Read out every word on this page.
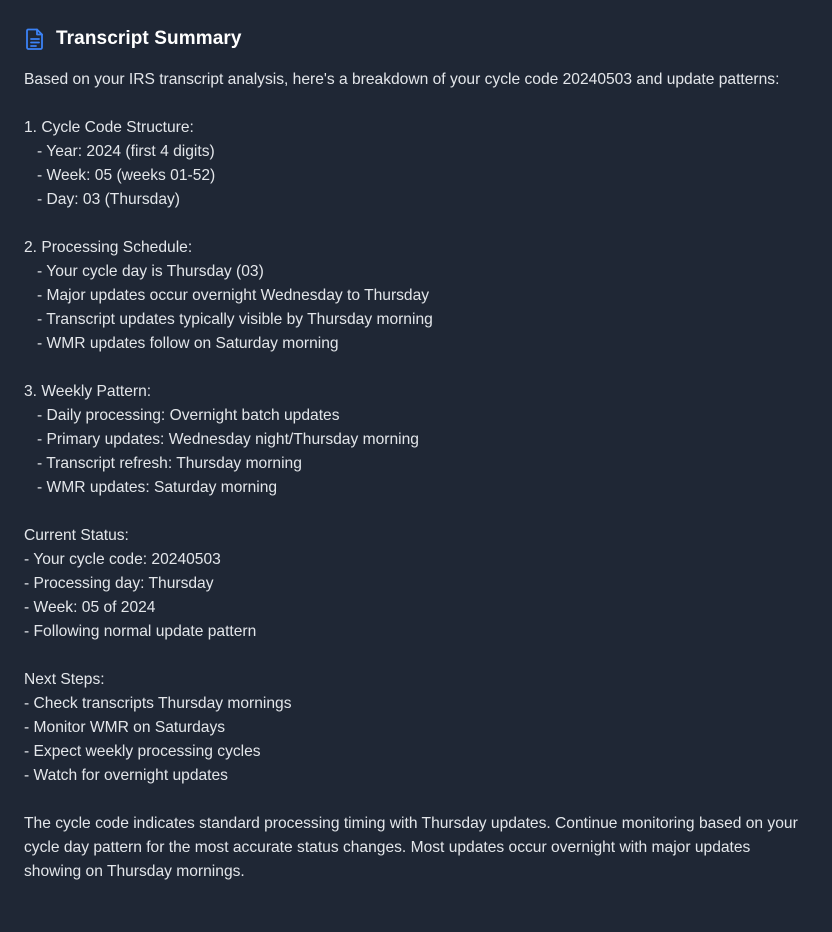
Transcript Summary
Based on your IRS transcript analysis, here's a breakdown of your cycle code 20240503 and update patterns:
1. Cycle Code Structure:
- Year: 2024 (first 4 digits)
- Week: 05 (weeks 01-52)
- Day: 03 (Thursday)
2. Processing Schedule:
- Your cycle day is Thursday (03)
- Major updates occur overnight Wednesday to Thursday
- Transcript updates typically visible by Thursday morning
- WMR updates follow on Saturday morning
3. Weekly Pattern:
- Daily processing: Overnight batch updates
- Primary updates: Wednesday night/Thursday morning
- Transcript refresh: Thursday morning
- WMR updates: Saturday morning
Current Status:
- Your cycle code: 20240503
- Processing day: Thursday
- Week: 05 of 2024
- Following normal update pattern
Next Steps:
- Check transcripts Thursday mornings
- Monitor WMR on Saturdays
- Expect weekly processing cycles
- Watch for overnight updates
The cycle code indicates standard processing timing with Thursday updates. Continue monitoring based on your cycle day pattern for the most accurate status changes. Most updates occur overnight with major updates showing on Thursday mornings.
